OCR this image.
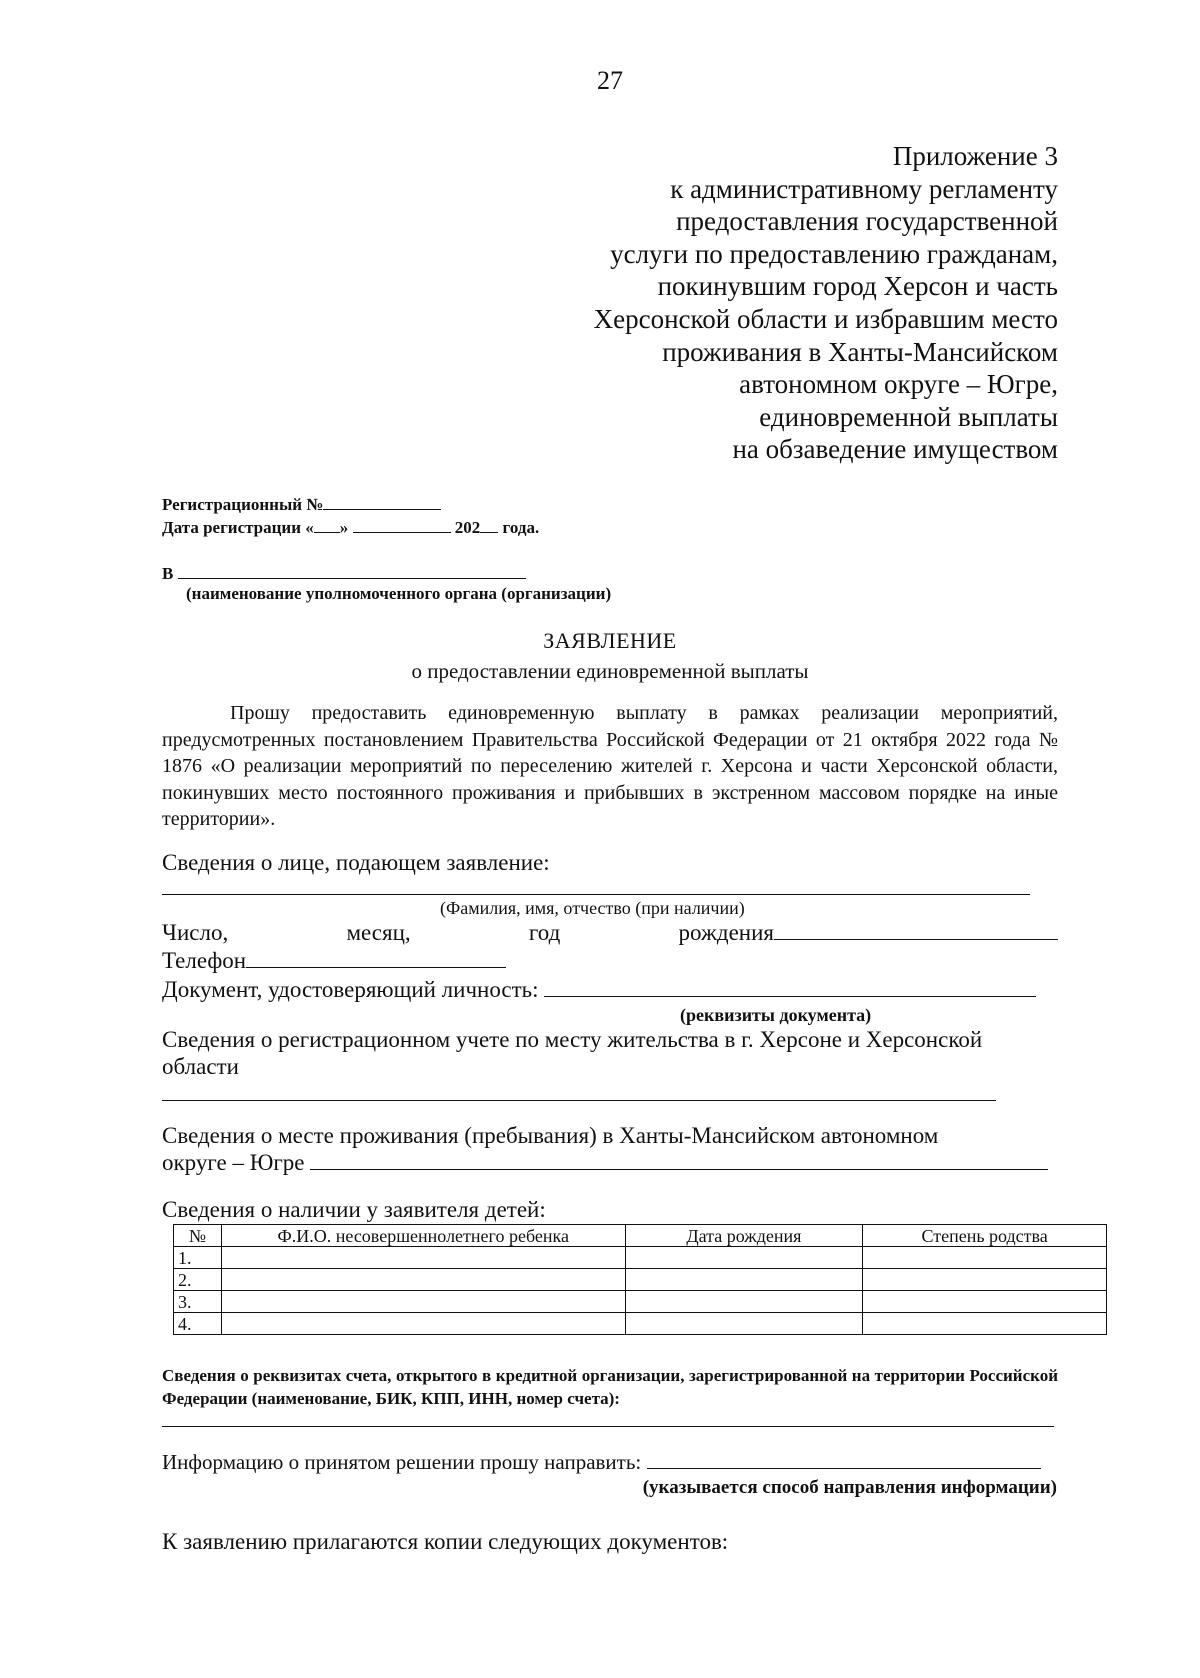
27
Приложение 3
к административному регламенту
предоставления государственной
услуги по предоставлению гражданам,
покинувшим город Херсон и часть
Херсонской области и избравшим место
проживания в Ханты-Мансийском
автономном округе – Югре,
единовременной выплаты
на обзаведение имуществом
Регистрационный №
Дата регистрации « »	202 года.
В
(наименование уполномоченного органа (организации)
ЗАЯВЛЕНИЕ
о предоставлении единовременной выплаты
Прошу предоставить единовременную выплату в рамках реализации мероприятий, предусмотренных постановлением Правительства Российской Федерации от 21 октября 2022 года № 1876 «О реализации мероприятий по переселению жителей г. Херсона и части Херсонской области, покинувших место постоянного проживания и прибывших в экстренном массовом порядке на иные территории».
Сведения о лице, подающем заявление:
(Фамилия, имя, отчество (при наличии)
Число,	месяц,	год	рождения
Телефон
Документ, удостоверяющий личность:
(реквизиты документа)
Сведения о регистрационном учете по месту жительства в г. Херсоне и Херсонской
области
Сведения о месте проживания (пребывания) в Ханты-Мансийском автономном
округе – Югре
Сведения о наличии у заявителя детей:
№	Ф.И.О. несовершеннолетнего ребенка	Дата рождения	Степень родства
1.			
2.			
3.			
4.			
Сведения о реквизитах счета, открытого в кредитной организации, зарегистрированной на территории Российской Федерации (наименование, БИК, КПП, ИНН, номер счета):
Информацию о принятом решении прошу направить:
(указывается способ направления информации)
К заявлению прилагаются копии следующих документов:
